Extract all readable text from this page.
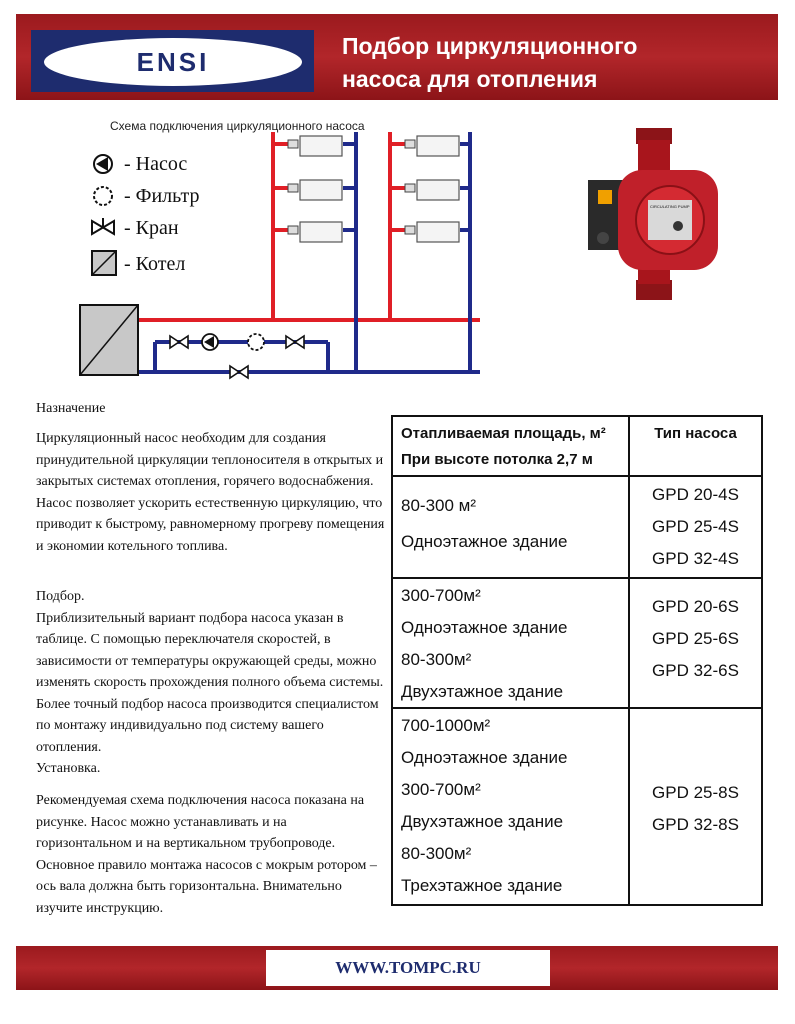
ENSI
Подбор циркуляционного
насоса для отопления
Схема подключения циркуляционного насоса
- Насос
- Фильтр
- Кран
- Котел
CIRCULATING PUMP

Назначение

Циркуляционный насос необходим для создания принудительной циркуляции теплоносителя в открытых и закрытых системах отопления, горячего водоснабжения. Насос позволяет ускорить естественную циркуляцию, что приводит к быстрому, равномерному прогреву помещения и экономии котельного топлива.

Подбор.

Приблизительный вариант подбора насоса указан в таблице. С помощью переключателя скоростей, в зависимости от температуры окружающей среды, можно изменять скорость прохождения полного объема системы. Более точный подбор насоса производится специалистом по монтажу индивидуально под систему вашего отопления.

Установка.

Рекомендуемая схема подключения насоса показана на рисунке. Насос можно устанавливать и на горизонтальном и на вертикальном трубопроводе. Основное правило монтажа насосов с мокрым ротором – ось вала должна быть горизонтальна. Внимательно изучите инструкцию.

Отапливаемая площадь, м²
При высоте потолка 2,7 м
Тип насоса
80-300 м²
Одноэтажное здание
GPD 20-4S
GPD 25-4S
GPD 32-4S
300-700м²
Одноэтажное здание
80-300м²
Двухэтажное здание
GPD 20-6S
GPD 25-6S
GPD 32-6S
700-1000м²
Одноэтажное здание
300-700м²
Двухэтажное здание
80-300м²
Трехэтажное здание
GPD 25-8S
GPD 32-8S
WWW.TOMPC.RU
